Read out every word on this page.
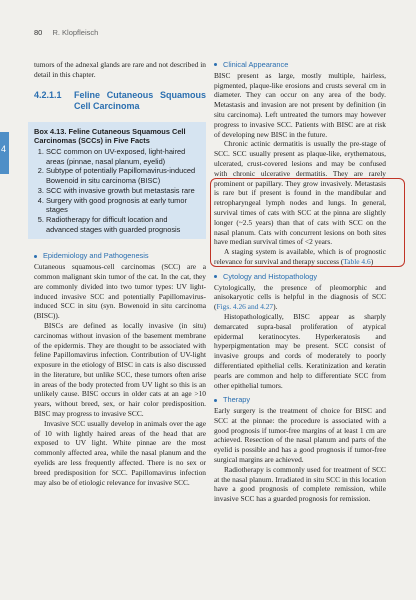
4
80 R. Klopfleisch

tumors of the adnexal glands are rare and not described in detail in this chapter.

4.2.1.1	Feline Cutaneous Squamous Cell Carcinoma
Box 4.13. Feline Cutaneous Squamous Cell Carcinomas (SCCs) in Five Facts
1. SCC common on UV-exposed, light-haired areas (pinnae, nasal planum, eyelid)
2. Subtype of potentially Papillomavirus-induced Bowenoid in situ carcinoma (BISC)
3. SCC with invasive growth but metastasis rare
4. Surgery with good prognosis at early tumor stages
5. Radiotherapy for difficult location and advanced stages with guarded prognosis
Epidemiology and Pathogenesis

Cutaneous squamous-cell carcinomas (SCC) are a common malignant skin tumor of the cat. In the cat, they are commonly divided into two tumor types: UV light-induced invasive SCC and potentially Papillomavirus-induced SCC in situ (syn. Bowenoid in situ carcinoma (BISC)).

BISCs are defined as locally invasive (in situ) carcinomas without invasion of the basement membrane of the epidermis. They are thought to be associated with feline Papillomavirus infection. Contribution of UV-light exposure in the etiology of BISC in cats is also discussed in the literature, but unlike SCC, these tumors often arise in areas of the body protected from UV light so this is an unlikely cause. BISC occurs in older cats at an age >10 years, without breed, sex, or hair color predisposition. BISC may progress to invasive SCC.

Invasive SCC usually develop in animals over the age of 10 with lightly haired areas of the head that are exposed to UV light. White pinnae are the most commonly affected area, while the nasal planum and the eyelids are less frequently affected. There is no sex or breed predisposition for SCC. Papillomavirus infection may also be of etiologic relevance for invasive SCC.

Clinical Appearance

BISC present as large, mostly multiple, hairless, pigmented, plaque-like erosions and crusts several cm in diameter. They can occur on any area of the body. Metastasis and invasion are not present by definition (in situ carcinoma). Left untreated the tumors may however progress to invasive SCC. Patients with BISC are at risk of developing new BISC in the future.

Chronic actinic dermatitis is usually the pre-stage of SCC. SCC usually present as plaque-like, erythematous, ulcerated, crust-covered lesions and may be confused with chronic ulcerative dermatitis. They are rarely prominent or papillary. They grow invasively. Metastasis is rare but if present is found in the mandibular and retropharyngeal lymph nodes and lungs. In general, survival times of cats with SCC at the pinna are slightly longer (~2.5 years) than that of cats with SCC on the nasal planum. Cats with concurrent lesions on both sites have median survival times of <2 years.

A staging system is available, which is of prognostic relevance for survival and therapy success (Table 4.6)

Cytology and Histopathology

Cytologically, the presence of pleomorphic and anisokaryotic cells is helpful in the diagnosis of SCC (Figs. 4.26 and 4.27).

Histopathologically, BISC appear as sharply demarcated supra-basal proliferation of atypical epidermal keratinocytes. Hyperkeratosis and hyperpigmentation may be present. SCC consist of invasive groups and cords of moderately to poorly differentiated epithelial cells. Keratinization and keratin pearls are common and help to differentiate SCC from other epithelial tumors.

Therapy

Early surgery is the treatment of choice for BISC and SCC at the pinnae: the procedure is associated with a good prognosis if tumor-free margins of at least 1 cm are achieved. Resection of the nasal planum and parts of the eyelid is possible and has a good prognosis if tumor-free surgical margins are achieved.

Radiotherapy is commonly used for treatment of SCC at the nasal planum. Irradiated in situ SCC in this location have a good prognosis of complete remission, while invasive SCC has a guarded prognosis for remission.
